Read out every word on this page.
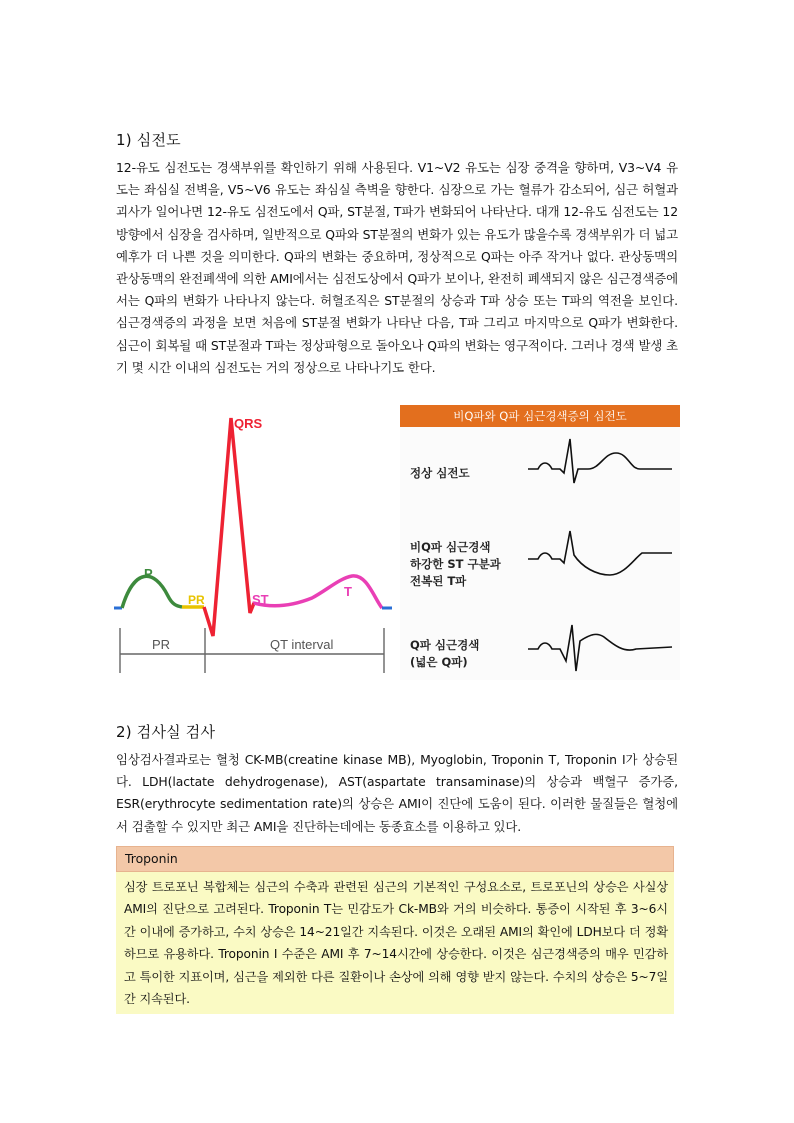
1) 심전도

12-유도 심전도는 경색부위를 확인하기 위해 사용된다. V1~V2 유도는 심장 중격을 향하며, V3~V4 유도는 좌심실 전벽을, V5~V6 유도는 좌심실 측벽을 향한다. 심장으로 가는 혈류가 감소되어, 심근 허혈과 괴사가 일어나면 12-유도 심전도에서 Q파, ST분절, T파가 변화되어 나타난다. 대개 12-유도 심전도는 12방향에서 심장을 검사하며, 일반적으로 Q파와 ST분절의 변화가 있는 유도가 많을수록 경색부위가 더 넓고 예후가 더 나쁜 것을 의미한다. Q파의 변화는 중요하며, 정상적으로 Q파는 아주 작거나 없다. 관상동맥의 관상동맥의 완전폐색에 의한 AMI에서는 심전도상에서 Q파가 보이나, 완전히 폐색되지 않은 심근경색증에서는 Q파의 변화가 나타나지 않는다. 허혈조직은 ST분절의 상승과 T파 상승 또는 T파의 역전을 보인다. 심근경색증의 과정을 보면 처음에 ST분절 변화가 나타난 다음, T파 그리고 마지막으로 Q파가 변화한다. 심근이 회복될 때 ST분절과 T파는 정상파형으로 돌아오나 Q파의 변화는 영구적이다. 그러나 경색 발생 초기 몇 시간 이내의 심전도는 거의 정상으로 나타나기도 한다.

QRS
P
PR	ST
T
PR	QT interval
비Q파와 Q파 심근경색증의 심전도
정상 심전도
비Q파 심근경색
하강한 ST 구분과
전복된 T파
Q파 심근경색
(넓은 Q파)
2) 검사실 검사

임상검사결과로는 혈청 CK-MB(creatine kinase MB), Myoglobin, Troponin T, Troponin I가 상승된다. LDH(lactate dehydrogenase), AST(aspartate transaminase)의 상승과 백혈구 증가증, ESR(erythrocyte sedimentation rate)의 상승은 AMI이 진단에 도움이 된다. 이러한 물질들은 혈청에서 검출할 수 있지만 최근 AMI을 진단하는데에는 동종효소를 이용하고 있다.

Troponin
심장 트로포닌 복합체는 심근의 수축과 관련된 심근의 기본적인 구성요소로, 트로포닌의 상승은 사실상 AMI의 진단으로 고려된다. Troponin T는 민감도가 Ck-MB와 거의 비슷하다. 통증이 시작된 후 3~6시간 이내에 증가하고, 수치 상승은 14~21일간 지속된다. 이것은 오래된 AMI의 확인에 LDH보다 더 정확하므로 유용하다. Troponin I 수준은 AMI 후 7~14시간에 상승한다. 이것은 심근경색증의 매우 민감하고 특이한 지표이며, 심근을 제외한 다른 질환이나 손상에 의해 영향 받지 않는다. 수치의 상승은 5~7일간 지속된다.
